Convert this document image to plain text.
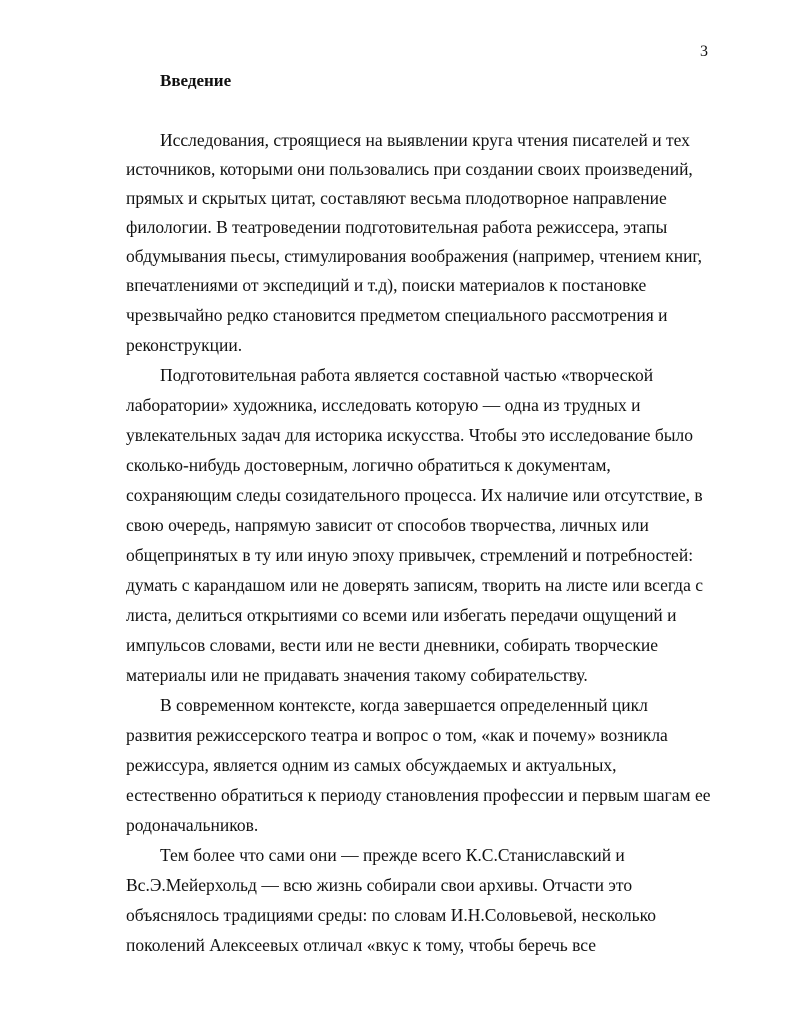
3
Введение
Исследования, строящиеся на выявлении круга чтения писателей и тех
источников, которыми они пользовались при создании своих произведений,
прямых и скрытых цитат, составляют весьма плодотворное направление
филологии. В театроведении подготовительная работа режиссера, этапы
обдумывания пьесы, стимулирования воображения (например, чтением книг,
впечатлениями от экспедиций и т.д), поиски материалов к постановке
чрезвычайно редко становится предметом специального рассмотрения и
реконструкции.
Подготовительная работа является составной частью «творческой
лаборатории» художника, исследовать которую — одна из трудных и
увлекательных задач для историка искусства. Чтобы это исследование было
сколько-нибудь достоверным, логично обратиться к документам,
сохраняющим следы созидательного процесса. Их наличие или отсутствие, в
свою очередь, напрямую зависит от способов творчества, личных или
общепринятых в ту или иную эпоху привычек, стремлений и потребностей:
думать с карандашом или не доверять записям, творить на листе или всегда с
листа, делиться открытиями со всеми или избегать передачи ощущений и
импульсов словами, вести или не вести дневники, собирать творческие
материалы или не придавать значения такому собирательству.
В современном контексте, когда завершается определенный цикл
развития режиссерского театра и вопрос о том, «как и почему» возникла
режиссура, является одним из самых обсуждаемых и актуальных,
естественно обратиться к периоду становления профессии и первым шагам ее
родоначальников.
Тем более что сами они — прежде всего К.С.Станиславский и
Вс.Э.Мейерхольд — всю жизнь собирали свои архивы. Отчасти это
объяснялось традициями среды: по словам И.Н.Соловьевой, несколько
поколений Алексеевых отличал «вкус к тому, чтобы беречь все
